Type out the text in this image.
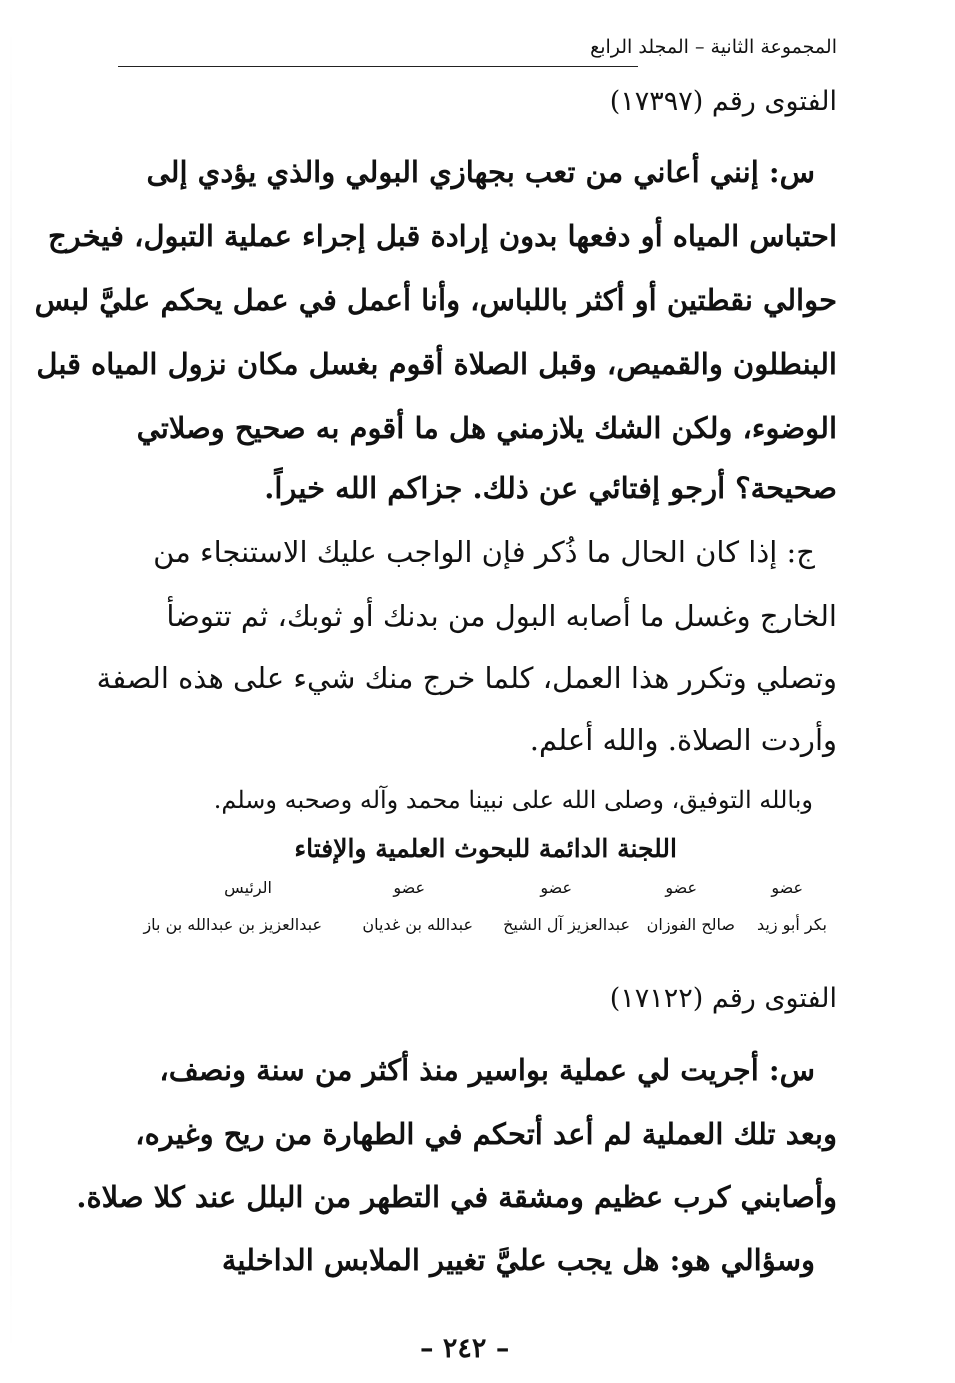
المجموعة الثانية – المجلد الرابع
الفتوى رقم (١٧٣٩٧)
س: إنني أعاني من تعب بجهازي البولي والذي يؤدي إلى
احتباس المياه أو دفعها بدون إرادة قبل إجراء عملية التبول، فيخرج
حوالي نقطتين أو أكثر باللباس، وأنا أعمل في عمل يحكم عليَّ لبس
البنطلون والقميص، وقبل الصلاة أقوم بغسل مكان نزول المياه قبل
الوضوء، ولكن الشك يلازمني هل ما أقوم به صحيح وصلاتي
صحيحة؟ أرجو إفتائي عن ذلك. جزاكم الله خيراً.
ج: إذا كان الحال ما ذُكر فإن الواجب عليك الاستنجاء من
الخارج وغسل ما أصابه البول من بدنك أو ثوبك، ثم تتوضأ
وتصلي وتكرر هذا العمل، كلما خرج منك شيء على هذه الصفة
وأردت الصلاة. والله أعلم.
وبالله التوفيق، وصلى الله على نبينا محمد وآله وصحبه وسلم.
اللجنة الدائمة للبحوث العلمية والإفتاء
عضو
عضو
عضو
عضو
الرئيس
بكر أبو زيد
صالح الفوزان
عبدالعزيز آل الشيخ
عبدالله بن غديان
عبدالعزيز بن عبدالله بن باز
الفتوى رقم (١٧١٢٢)
س: أجريت لي عملية بواسير منذ أكثر من سنة ونصف،
وبعد تلك العملية لم أعد أتحكم في الطهارة من ريح وغيره،
وأصابني كرب عظيم ومشقة في التطهر من البلل عند كلا صلاة.
وسؤالي هو: هل يجب عليَّ تغيير الملابس الداخلية
– ٢٤٢ –
